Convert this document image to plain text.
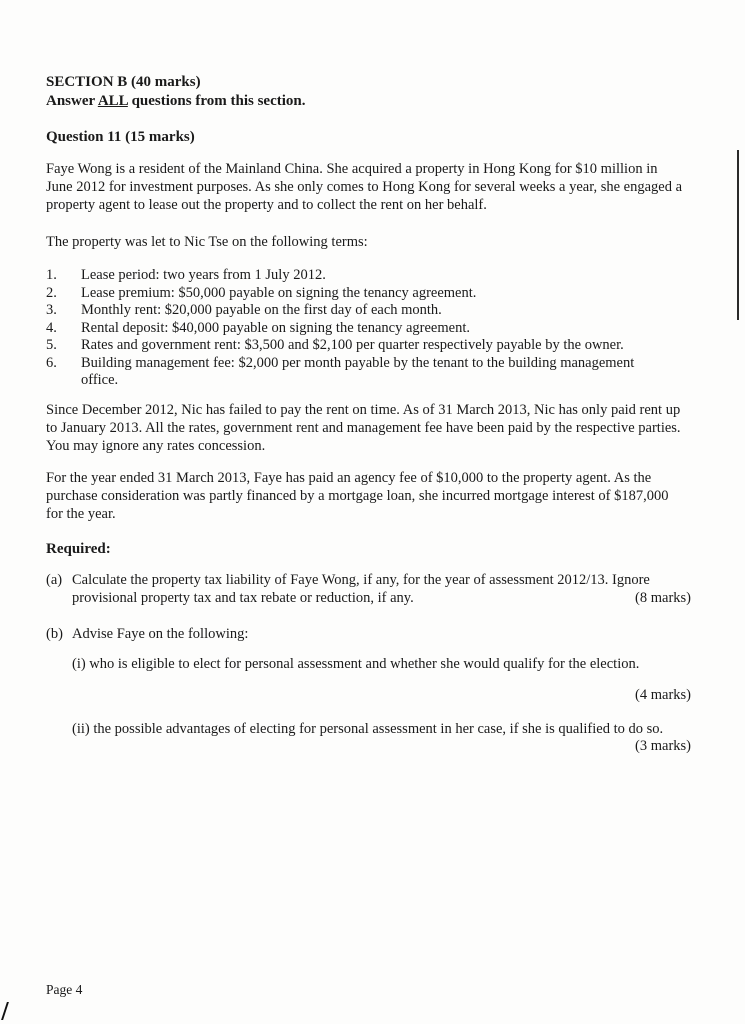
SECTION B (40 marks)
Answer ALL questions from this section.
Question 11 (15 marks)
Faye Wong is a resident of the Mainland China. She acquired a property in Hong Kong for $10 million in June 2012 for investment purposes. As she only comes to Hong Kong for several weeks a year, she engaged a property agent to lease out the property and to collect the rent on her behalf.
The property was let to Nic Tse on the following terms:
1. Lease period: two years from 1 July 2012.
2. Lease premium: $50,000 payable on signing the tenancy agreement.
3. Monthly rent: $20,000 payable on the first day of each month.
4. Rental deposit: $40,000 payable on signing the tenancy agreement.
5. Rates and government rent: $3,500 and $2,100 per quarter respectively payable by the owner.
6. Building management fee: $2,000 per month payable by the tenant to the building management office.
Since December 2012, Nic has failed to pay the rent on time. As of 31 March 2013, Nic has only paid rent up to January 2013. All the rates, government rent and management fee have been paid by the respective parties. You may ignore any rates concession.
For the year ended 31 March 2013, Faye has paid an agency fee of $10,000 to the property agent. As the purchase consideration was partly financed by a mortgage loan, she incurred mortgage interest of $187,000 for the year.
Required:
(a) Calculate the property tax liability of Faye Wong, if any, for the year of assessment 2012/13. Ignore provisional property tax and tax rebate or reduction, if any.	(8 marks)
(b) Advise Faye on the following:
(i) who is eligible to elect for personal assessment and whether she would qualify for the election.
(4 marks)
(ii) the possible advantages of electing for personal assessment in her case, if she is qualified to do so.
(3 marks)
Page 4
